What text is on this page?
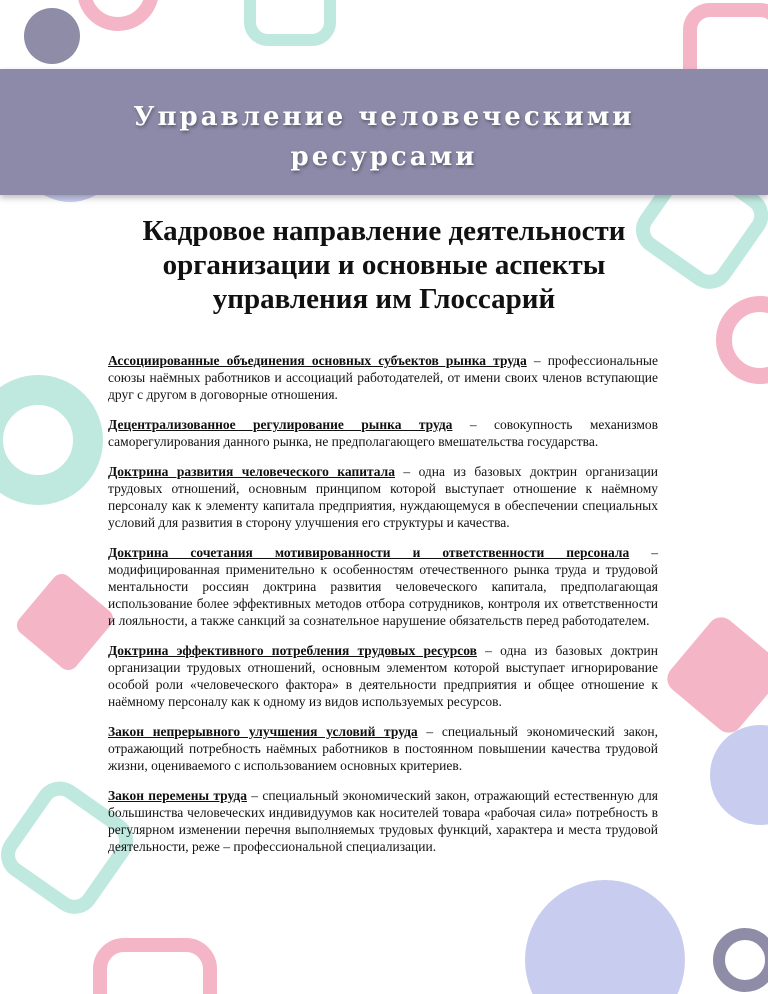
Управление человеческими ресурсами
Кадровое направление деятельности организации и основные аспекты управления им Глоссарий

Ассоциированные объединения основных субъектов рынка труда – профессиональные союзы наёмных работников и ассоциаций работодателей, от имени своих членов вступающие друг с другом в договорные отношения.

Децентрализованное регулирование рынка труда – совокупность механизмов саморегулирования данного рынка, не предполагающего вмешательства государства.

Доктрина развития человеческого капитала – одна из базовых доктрин организации трудовых отношений, основным принципом которой выступает отношение к наёмному персоналу как к элементу капитала предприятия, нуждающемуся в обеспечении специальных условий для развития в сторону улучшения его структуры и качества.

Доктрина сочетания мотивированности и ответственности персонала – модифицированная применительно к особенностям отечественного рынка труда и трудовой ментальности россиян доктрина развития человеческого капитала, предполагающая использование более эффективных методов отбора сотрудников, контроля их ответственности и лояльности, а также санкций за сознательное нарушение обязательств перед работодателем.

Доктрина эффективного потребления трудовых ресурсов – одна из базовых доктрин организации трудовых отношений, основным элементом которой выступает игнорирование особой роли «человеческого фактора» в деятельности предприятия и общее отношение к наёмному персоналу как к одному из видов используемых ресурсов.

Закон непрерывного улучшения условий труда – специальный экономический закон, отражающий потребность наёмных работников в постоянном повышении качества трудовой жизни, оцениваемого с использованием основных критериев.

Закон перемены труда – специальный экономический закон, отражающий естественную для большинства человеческих индивидуумов как носителей товара «рабочая сила» потребность в регулярном изменении перечня выполняемых трудовых функций, характера и места трудовой деятельности, реже – профессиональной специализации.
